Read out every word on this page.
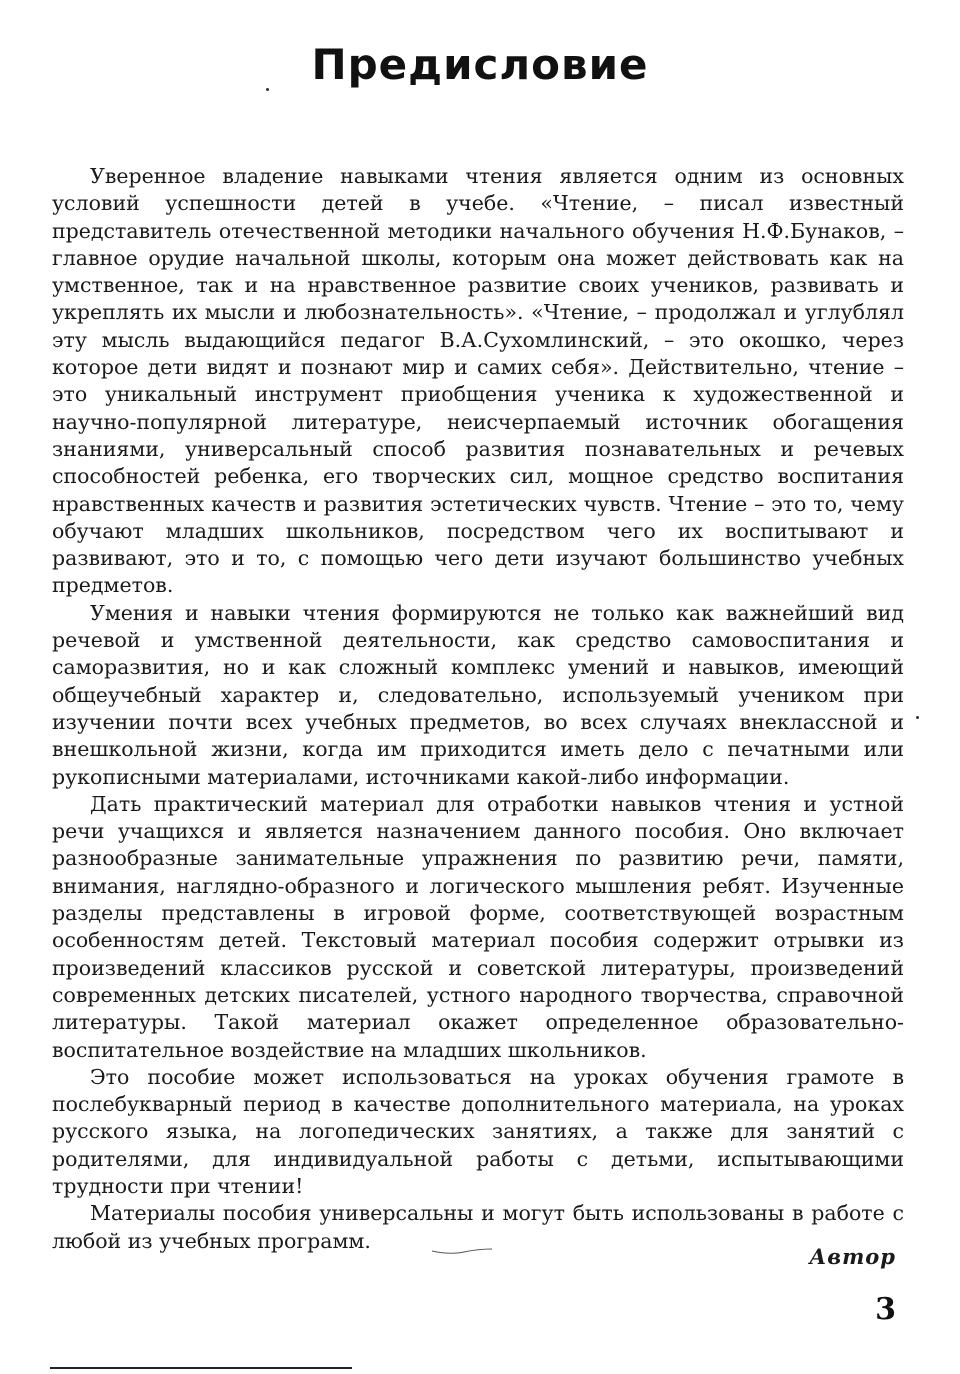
Предисловие

Уверенное владение навыками чтения является одним из основных условий успешности детей в учебе. «Чтение, – писал известный представитель отечественной методики начального обучения Н.Ф.Бунаков, – главное орудие начальной школы, которым она может действовать как на умственное, так и на нравственное развитие своих учеников, развивать и укреплять их мысли и любознательность». «Чтение, – продолжал и углублял эту мысль выдающийся педагог В.А.Сухомлинский, – это окошко, через которое дети видят и познают мир и самих себя». Действительно, чтение – это уникальный инструмент приобщения ученика к художественной и научно-популярной литературе, неисчерпаемый источник обогащения знаниями, универсальный способ развития познавательных и речевых способностей ребенка, его творческих сил, мощное средство воспитания нравственных качеств и развития эстетических чувств. Чтение – это то, чему обучают младших школьников, посредством чего их воспитывают и развивают, это и то, с помощью чего дети изучают большинство учебных предметов.

Умения и навыки чтения формируются не только как важнейший вид речевой и умственной деятельности, как средство самовоспитания и саморазвития, но и как сложный комплекс умений и навыков, имеющий общеучебный характер и, следовательно, используемый учеником при изучении почти всех учебных предметов, во всех случаях внеклассной и внешкольной жизни, когда им приходится иметь дело с печатными или рукописными материалами, источниками какой-либо информации.

Дать практический материал для отработки навыков чтения и устной речи учащихся и является назначением данного пособия. Оно включает разнообразные занимательные упражнения по развитию речи, памяти, внимания, наглядно-образного и логического мышления ребят. Изученные разделы представлены в игровой форме, соответствующей возрастным особенностям детей. Текстовый материал пособия содержит отрывки из произведений классиков русской и советской литературы, произведений современных детских писателей, устного народного творчества, справочной литературы. Такой материал окажет определенное образовательно-воспитательное воздействие на младших школьников.

Это пособие может использоваться на уроках обучения грамоте в послебукварный период в качестве дополнительного материала, на уроках русского языка, на логопедических занятиях, а также для занятий с родителями, для индивидуальной работы с детьми, испытывающими трудности при чтении!

Материалы пособия универсальны и могут быть использованы в работе с любой из учебных программ.

Автор
3
